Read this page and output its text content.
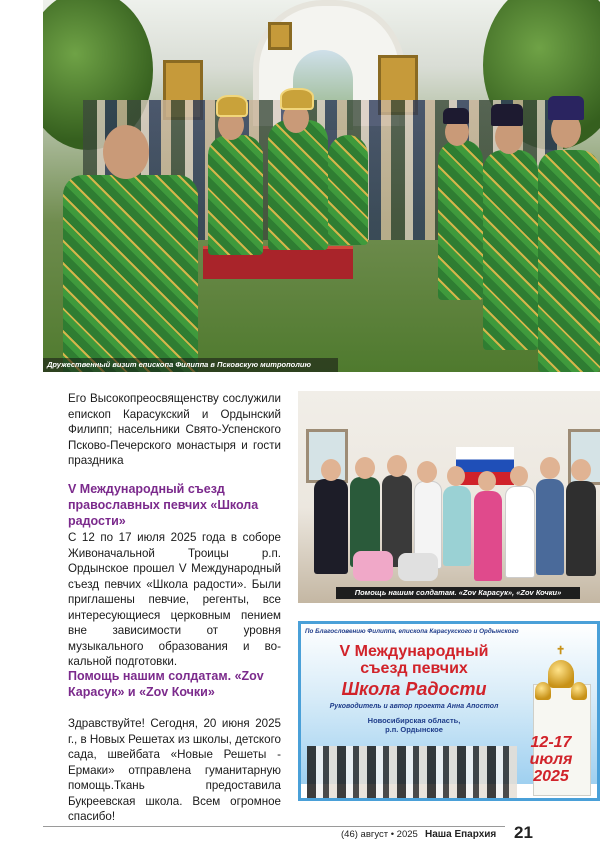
Дружественный визит епископа Филиппа в Псковскую митрополию
Его Высокопреосвященству сослужили епископ Карасукский и Ордынский Филипп; насельники Свято-Успенского Псково-Печерского монастыря и гости праздника
V Международный съезд православных певчих «Школа радости»
С 12 по 17 июля 2025 года в соборе Живоначальной Троицы р.п. Ордынское прошел V Международный съезд певчих «Школа радости». Были приглашены певчие, регенты, все интересующиеся церковным пением вне зависимости от уровня музыкального образования и вокальной подготовки.
Помощь нашим солдатам. «Zov Карасук» и «Zov Кочки»
Здравствуйте! Сегодня, 20 июня 2025 г., в Новых Решетах из школы, детского сада, швейбата «Новые Решеты - Ермаки» отправлена гуманитарную помощь.Ткань предоставила Букреевская школа. Всем огромное спасибо!
Помощь нашим солдатам. «Zov Карасук», «Zov Кочки»
✝
По Благословению Филиппа, епископа Карасукского и Ордынского
V Международный
съезд певчих
Школа Радости
Руководитель и автор проекта Анна Апостол
Новосибирская область,
р.п. Ордынское
12-17
июля
2025
(46) август • 2025 Наша Епархия 21
